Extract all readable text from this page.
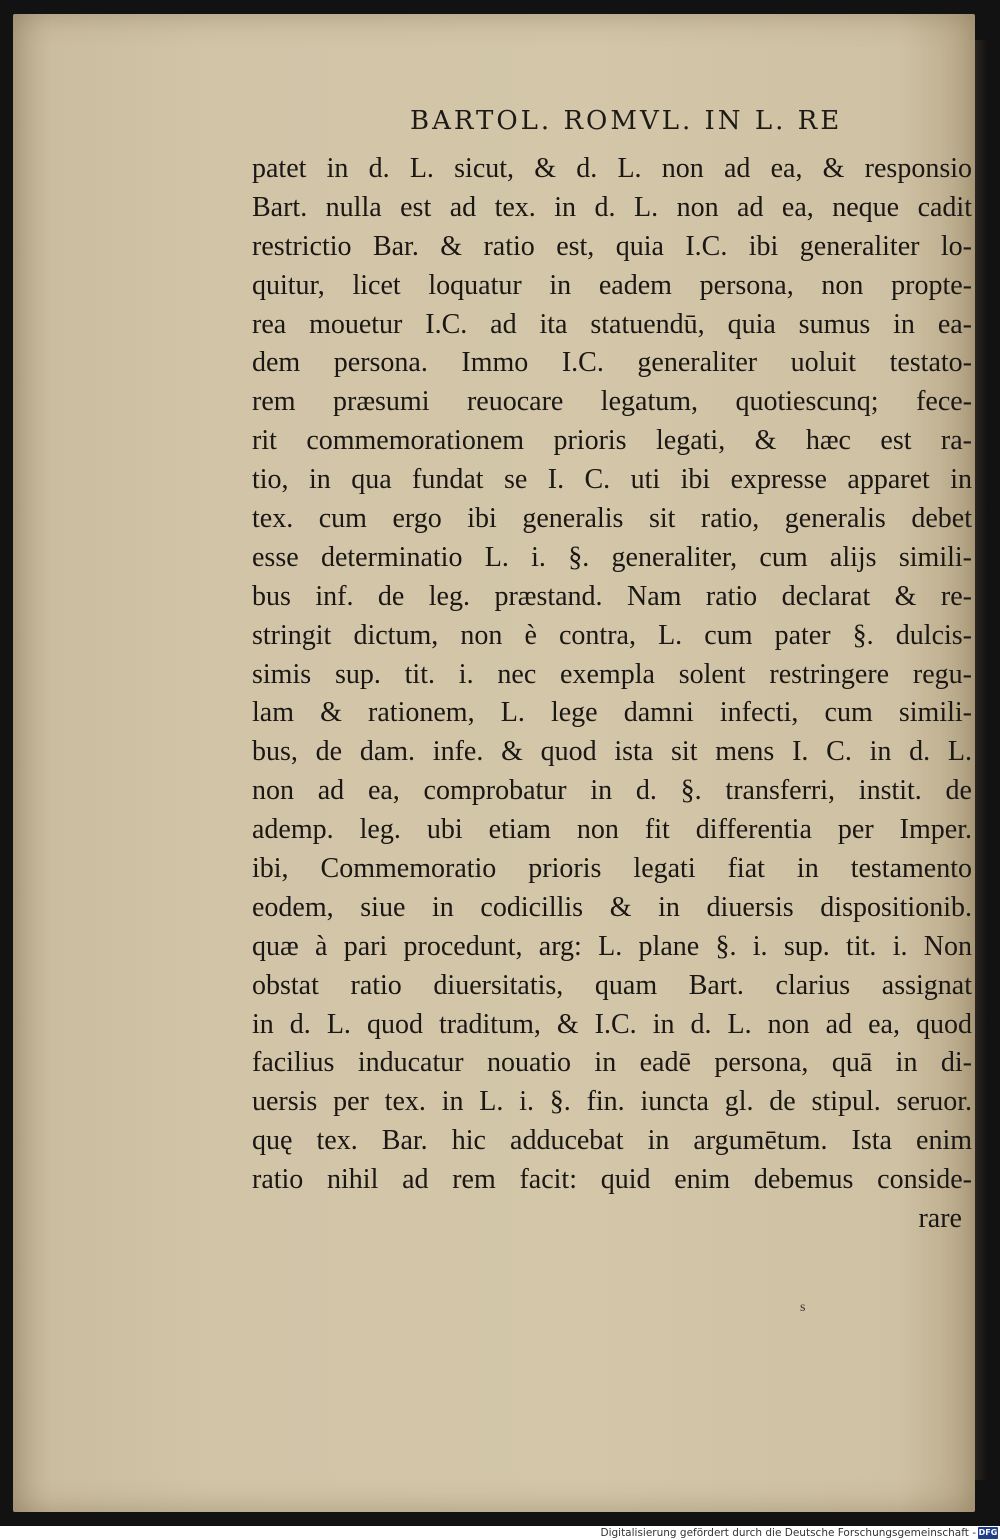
BARTOL. ROMVL. IN L. RE
patet in d. L. sicut, & d. L. non ad ea, & responsio
Bart. nulla est ad tex. in d. L. non ad ea, neque cadit
restrictio Bar. & ratio est, quia I.C. ibi generaliter lo-
quitur, licet loquatur in eadem persona, non propte-
rea mouetur I.C. ad ita statuendū, quia sumus in ea-
dem persona. Immo I.C. generaliter uoluit testato-
rem præsumi reuocare legatum, quotiescunq; fece-
rit commemorationem prioris legati, & hæc est ra-
tio, in qua fundat se I. C. uti ibi expresse apparet in
tex. cum ergo ibi generalis sit ratio, generalis debet
esse determinatio L. i. §. generaliter, cum alijs simili-
bus inf. de leg. præstand. Nam ratio declarat & re-
stringit dictum, non è contra, L. cum pater §. dulcis-
simis sup. tit. i. nec exempla solent restringere regu-
lam & rationem, L. lege damni infecti, cum simili-
bus, de dam. infe. & quod ista sit mens I. C. in d. L.
non ad ea, comprobatur in d. §. transferri, instit. de
ademp. leg. ubi etiam non fit differentia per Imper.
ibi, Commemoratio prioris legati fiat in testamento
eodem, siue in codicillis & in diuersis dispositionib.
quæ à pari procedunt, arg: L. plane §. i. sup. tit. i. Non
obstat ratio diuersitatis, quam Bart. clarius assignat
in d. L. quod traditum, & I.C. in d. L. non ad ea, quod
facilius inducatur nouatio in eadē persona, quā in di-
uersis per tex. in L. i. §. fin. iuncta gl. de stipul. seruor.
quę tex. Bar. hic adducebat in argumētum. Ista enim
ratio nihil ad rem facit: quid enim debemus conside-
rare
s
Digitalisierung gefördert durch die Deutsche Forschungsgemeinschaft - DFG
